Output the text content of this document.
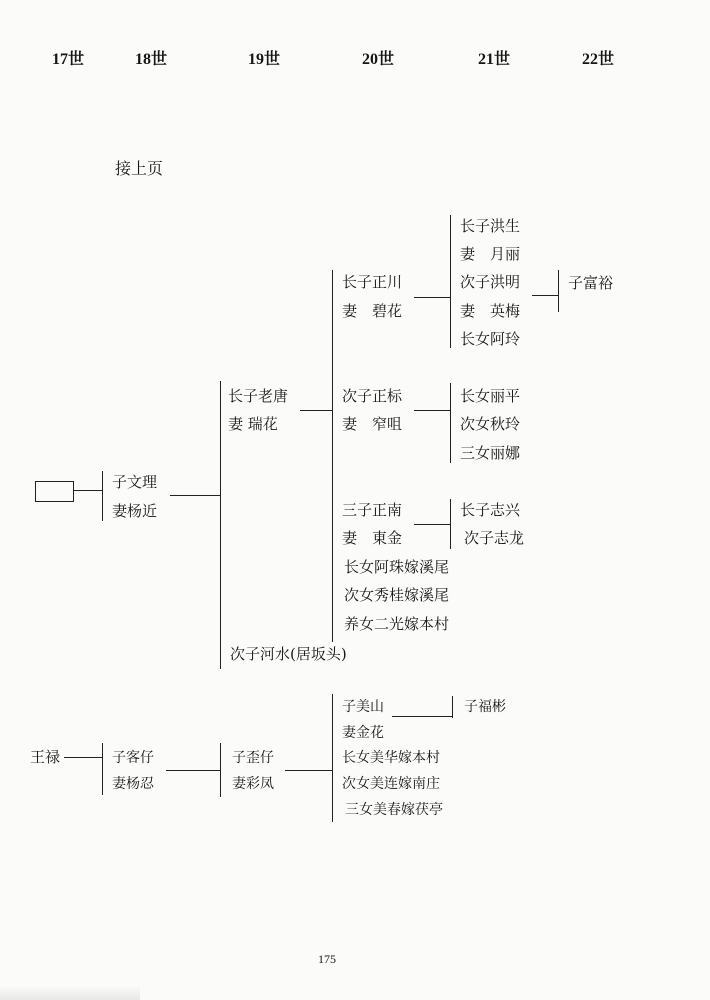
17世	18世	19世	20世	21世	22世
接上页
子文理
妻杨近
长子老唐
妻 瑞花
次子河水(居坂头)
长子正川
妻　碧花
长子洪生
妻　月丽
次子洪明
妻　英梅
长女阿玲
子富裕
次子正标
妻　窄咀
长女丽平
次女秋玲
三女丽娜
三子正南
妻　東金
长子志兴
次子志龙
长女阿珠嫁溪尾
次女秀桂嫁溪尾
养女二光嫁本村
王禄	子客仔
妻杨忍
子歪仔
妻彩凤
子美山
妻金花
子福彬
长女美华嫁本村
次女美连嫁南庄
三女美春嫁茯亭
175
